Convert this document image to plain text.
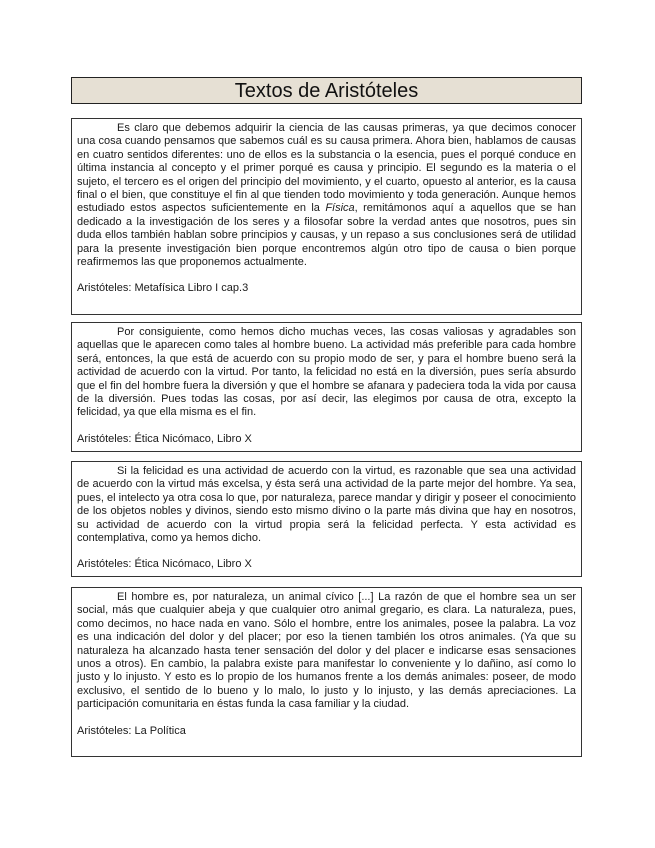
Textos de Aristóteles

Es claro que debemos adquirir la ciencia de las causas primeras, ya que decimos conocer una cosa cuando pensamos que sabemos cuál es su causa primera. Ahora bien, hablamos de causas en cuatro sentidos diferentes: uno de ellos es la substancia o la esencia, pues el porqué conduce en última instancia al concepto y el primer porqué es causa y principio. El segundo es la materia o el sujeto, el tercero es el origen del principio del movimiento, y el cuarto, opuesto al anterior, es la causa final o el bien, que constituye el fin al que tienden todo movimiento y toda generación. Aunque hemos estudiado estos aspectos suficientemente en la Física, remitámonos aquí a aquellos que se han dedicado a la investigación de los seres y a filosofar sobre la verdad antes que nosotros, pues sin duda ellos también hablan sobre principios y causas, y un repaso a sus conclusiones será de utilidad para la presente investigación bien porque encontremos algún otro tipo de causa o bien porque reafirmemos las que proponemos actualmente.

Aristóteles: Metafísica Libro I cap.3

Por consiguiente, como hemos dicho muchas veces, las cosas valiosas y agradables son aquellas que le aparecen como tales al hombre bueno. La actividad más preferible para cada hombre será, entonces, la que está de acuerdo con su propio modo de ser, y para el hombre bueno será la actividad de acuerdo con la virtud. Por tanto, la felicidad no está en la diversión, pues sería absurdo que el fin del hombre fuera la diversión y que el hombre se afanara y padeciera toda la vida por causa de la diversión. Pues todas las cosas, por así decir, las elegimos por causa de otra, excepto la felicidad, ya que ella misma es el fin.

Aristóteles: Ética Nicómaco, Libro X

Si la felicidad es una actividad de acuerdo con la virtud, es razonable que sea una actividad de acuerdo con la virtud más excelsa, y ésta será una actividad de la parte mejor del hombre. Ya sea, pues, el intelecto ya otra cosa lo que, por naturaleza, parece mandar y dirigir y poseer el conocimiento de los objetos nobles y divinos, siendo esto mismo divino o la parte más divina que hay en nosotros, su actividad de acuerdo con la virtud propia será la felicidad perfecta. Y esta actividad es contemplativa, como ya hemos dicho.

Aristóteles: Ética Nicómaco, Libro X

El hombre es, por naturaleza, un animal cívico [...] La razón de que el hombre sea un ser social, más que cualquier abeja y que cualquier otro animal gregario, es clara. La naturaleza, pues, como decimos, no hace nada en vano. Sólo el hombre, entre los animales, posee la palabra. La voz es una indicación del dolor y del placer; por eso la tienen también los otros animales. (Ya que su naturaleza ha alcanzado hasta tener sensación del dolor y del placer e indicarse esas sensaciones unos a otros). En cambio, la palabra existe para manifestar lo conveniente y lo dañino, así como lo justo y lo injusto. Y esto es lo propio de los humanos frente a los demás animales: poseer, de modo exclusivo, el sentido de lo bueno y lo malo, lo justo y lo injusto, y las demás apreciaciones. La participación comunitaria en éstas funda la casa familiar y la ciudad.

Aristóteles: La Política
